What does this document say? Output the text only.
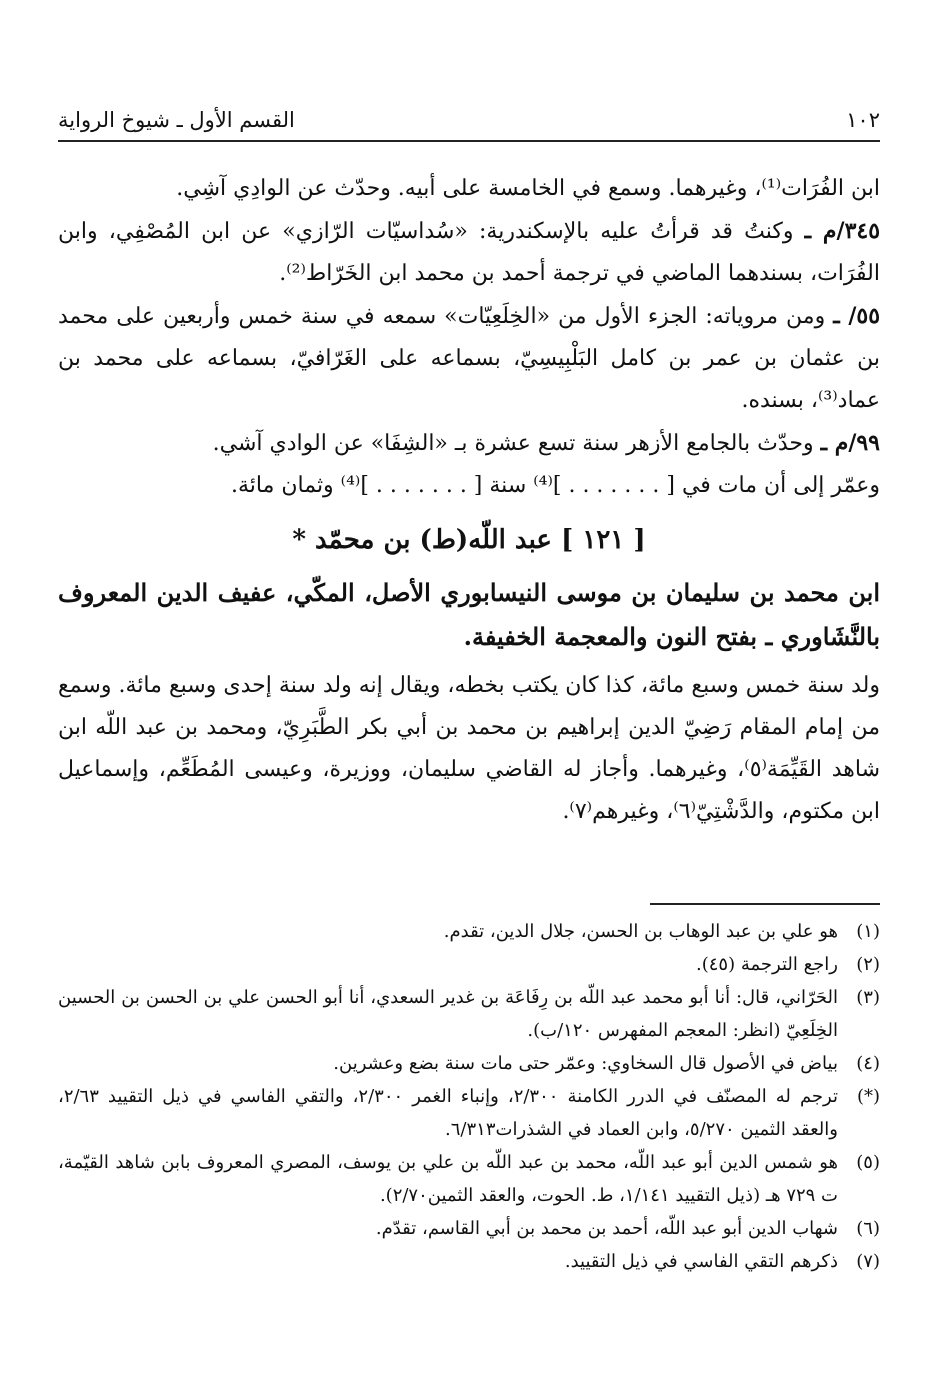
١٠٢
القسم الأول ـ شيوخ الرواية

ابن الفُرَات⁽¹⁾، وغيرهما. وسمع في الخامسة على أبيه. وحدّث عن الوادِي آشِي.

٣٤٥/م ـ وكنتُ قد قرأتُ عليه بالإسكندرية: «سُداسيّات الرّازي» عن ابن المُصْفِي، وابن الفُرَات، بسندهما الماضي في ترجمة أحمد بن محمد ابن الخَرّاط⁽²⁾.

٥٥/ ـ ومن مروياته: الجزء الأول من «الخِلَعِيّات» سمعه في سنة خمس وأربعين على محمد بن عثمان بن عمر بن كامل البَلْبِيسِيّ، بسماعه على الغَرّافيّ، بسماعه على محمد بن عماد⁽³⁾، بسنده.

٩٩/م ـ وحدّث بالجامع الأزهر سنة تسع عشرة بـ «الشِفَا» عن الوادي آشي.

وعمّر إلى أن مات في [ . . . . . . . ]⁽⁴⁾ سنة [ . . . . . . . ]⁽⁴⁾ وثمان مائة.

[ ١٢١ ] عبد اللّه(ط) بن محمّد *

ابن محمد بن سليمان بن موسى النيسابوري الأصل، المكّي، عفيف الدين المعروف بالنَّشَاوري ـ بفتح النون والمعجمة الخفيفة.

ولد سنة خمس وسبع مائة، كذا كان يكتب بخطه، ويقال إنه ولد سنة إحدى وسبع مائة. وسمع من إمام المقام رَضِيّ الدين إبراهيم بن محمد بن أبي بكر الطَّبَرِيّ، ومحمد بن عبد اللّه ابن شاهد القَيِّمَة⁽٥⁾، وغيرهما. وأجاز له القاضي سليمان، ووزيرة، وعيسى المُطَعِّم، وإسماعيل ابن مكتوم، والدَّشْتِيّ⁽٦⁾، وغيرهم⁽٧⁾.

(١)
هو علي بن عبد الوهاب بن الحسن، جلال الدين، تقدم.
(٢)
راجع الترجمة (٤٥).
(٣)
الحَرّاني، قال: أنا أبو محمد عبد اللّه بن رِفَاعَة بن غدير السعدي، أنا أبو الحسن علي بن الحسن بن الحسين الخِلَعِيّ (انظر: المعجم المفهرس ١٢٠/ب).
(٤)
بياض في الأصول قال السخاوي: وعمّر حتى مات سنة بضع وعشرين.
(*)
ترجم له المصنّف في الدرر الكامنة ٢/٣٠٠، وإنباء الغمر ٢/٣٠٠، والتقي الفاسي في ذيل التقييد ٢/٦٣، والعقد الثمين ٥/٢٧٠، وابن العماد في الشذرات٦/٣١٣.
(٥)
هو شمس الدين أبو عبد اللّه، محمد بن عبد اللّه بن علي بن يوسف، المصري المعروف بابن شاهد القيّمة، ت ٧٢٩ هـ (ذيل التقييد ١/١٤١، ط. الحوت، والعقد الثمين٢/٧٠).
(٦)
شهاب الدين أبو عبد اللّه، أحمد بن محمد بن أبي القاسم، تقدّم.
(٧)
ذكرهم التقي الفاسي في ذيل التقييد.
